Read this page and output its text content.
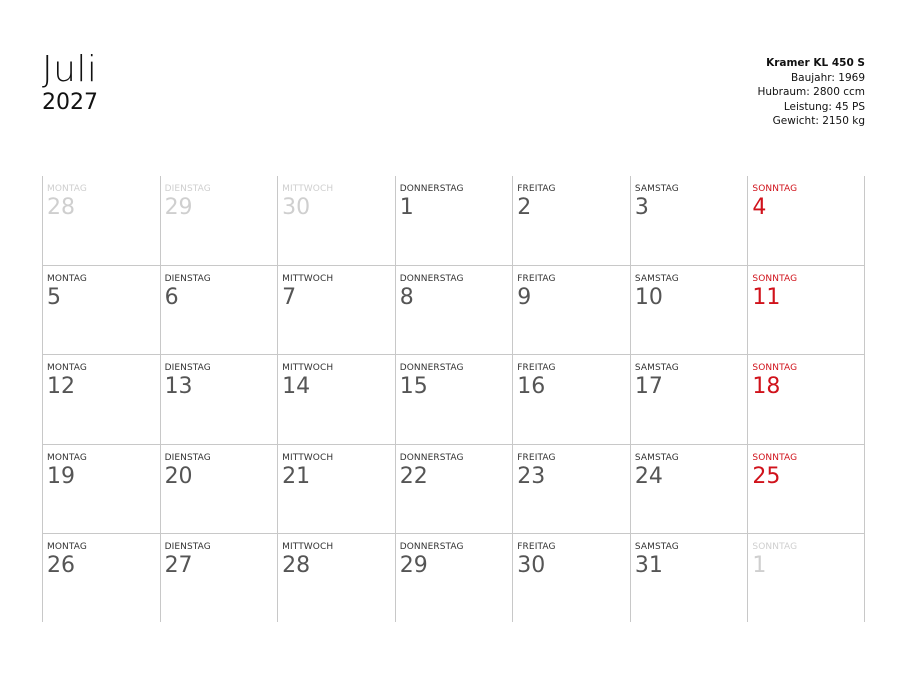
Juli
2027
Kramer KL 450 S
Baujahr: 1969
Hubraum: 2800 ccm
Leistung: 45 PS
Gewicht: 2150 kg
MONTAG
28
DIENSTAG
29
MITTWOCH
30
DONNERSTAG
1
FREITAG
2
SAMSTAG
3
SONNTAG
4
MONTAG
5
DIENSTAG
6
MITTWOCH
7
DONNERSTAG
8
FREITAG
9
SAMSTAG
10
SONNTAG
11
MONTAG
12
DIENSTAG
13
MITTWOCH
14
DONNERSTAG
15
FREITAG
16
SAMSTAG
17
SONNTAG
18
MONTAG
19
DIENSTAG
20
MITTWOCH
21
DONNERSTAG
22
FREITAG
23
SAMSTAG
24
SONNTAG
25
MONTAG
26
DIENSTAG
27
MITTWOCH
28
DONNERSTAG
29
FREITAG
30
SAMSTAG
31
SONNTAG
1
